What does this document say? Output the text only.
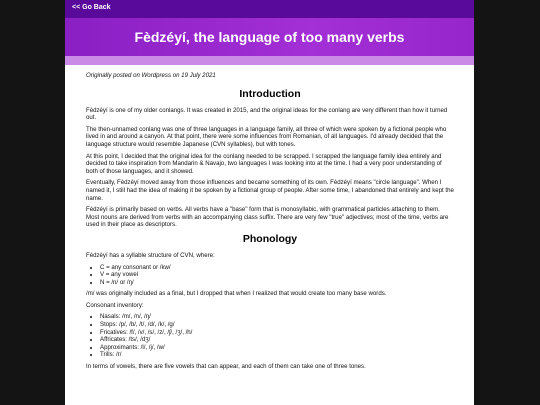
<< Go Back
Fèdzéyí, the language of too many verbs

Originally posted on Wordpress on 19 July 2021

Introduction

Fèdzéyí is one of my older conlangs. It was created in 2015, and the original ideas for the conlang are very different than how it turned out.

The then-unnamed conlang was one of three languages in a language family, all three of which were spoken by a fictional people who lived in and around a canyon. At that point, there were some influences from Romanian, of all languages. I'd already decided that the language structure would resemble Japanese (CVN syllables), but with tones.

At this point, I decided that the original idea for the conlang needed to be scrapped. I scrapped the language family idea entirely and decided to take inspiration from Mandarin & Navajo, two languages I was looking into at the time. I had a very poor understanding of both of those languages, and it showed.

Eventually, Fèdzéyí moved away from those influences and became something of its own. Fèdzéyí means "circle language". When I named it, I still had the idea of making it be spoken by a fictional group of people. After some time, I abandoned that entirely and kept the name.

Fèdzéyí is primarily based on verbs. All verbs have a "base" form that is monosyllabic, with grammatical particles attaching to them. Most nouns are derived from verbs with an accompanying class suffix. There are very few "true" adjectives; most of the time, verbs are used in their place as descriptors.

Phonology

Fèdzéyí has a syllable structure of CVN, where:

• C = any consonant or /kw/
• V = any vowel
• N = /n/ or /ŋ/

/m/ was originally included as a final, but I dropped that when I realized that would create too many base words.

Consonant inventory:

• Nasals: /m/, /n/, /ŋ/
• Stops: /p/, /b/, /t/, /d/, /k/, /g/
• Fricatives: /f/, /v/, /s/, /z/, /ʃ/, /ʒ/, /h/
• Affricates: /ts/, /dʒ/
• Approximants: /l/, /j/, /w/
• Trills: /r/

In terms of vowels, there are five vowels that can appear, and each of them can take one of three tones.
